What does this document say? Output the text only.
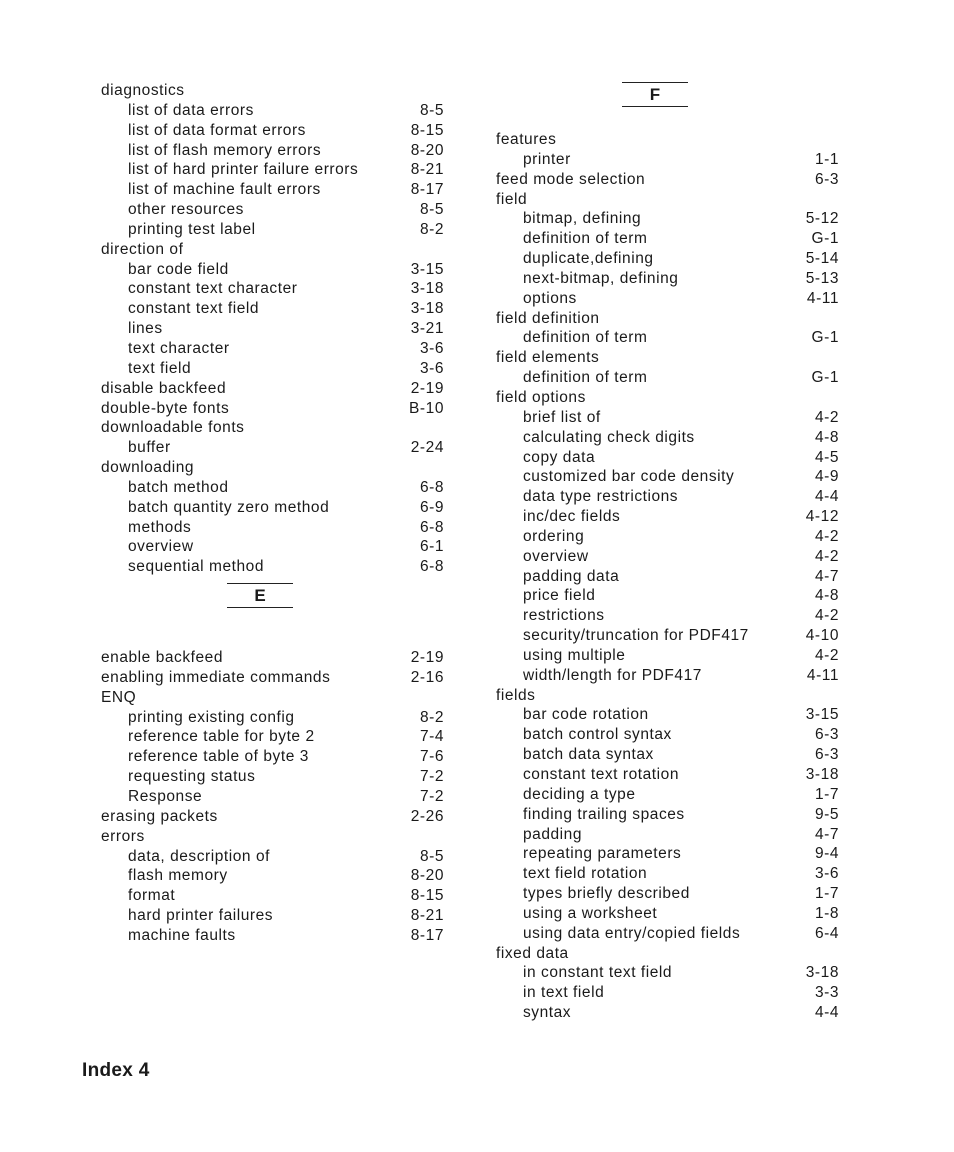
diagnostics
list of data errors	8-5
list of data format errors	8-15
list of flash memory errors	8-20
list of hard printer failure errors	8-21
list of machine fault errors	8-17
other resources	8-5
printing test label	8-2
direction of
bar code field	3-15
constant text character	3-18
constant text field	3-18
lines	3-21
text character	3-6
text field	3-6
disable backfeed	2-19
double-byte fonts	B-10
downloadable fonts
buffer	2-24
downloading
batch method	6-8
batch quantity zero method	6-9
methods	6-8
overview	6-1
sequential method	6-8
E
enable backfeed	2-19
enabling immediate commands	2-16
ENQ
printing existing config	8-2
reference table for byte 2	7-4
reference table of byte 3	7-6
requesting status	7-2
Response	7-2
erasing packets	2-26
errors
data, description of	8-5
flash memory	8-20
format	8-15
hard printer failures	8-21
machine faults	8-17
F
features
printer	1-1
feed mode selection	6-3
field
bitmap, defining	5-12
definition of term	G-1
duplicate,defining	5-14
next-bitmap, defining	5-13
options	4-11
field definition
definition of term	G-1
field elements
definition of term	G-1
field options
brief list of	4-2
calculating check digits	4-8
copy data	4-5
customized bar code density	4-9
data type restrictions	4-4
inc/dec fields	4-12
ordering	4-2
overview	4-2
padding data	4-7
price field	4-8
restrictions	4-2
security/truncation for PDF417	4-10
using multiple	4-2
width/length for PDF417	4-11
fields
bar code rotation	3-15
batch control syntax	6-3
batch data syntax	6-3
constant text rotation	3-18
deciding a type	1-7
finding trailing spaces	9-5
padding	4-7
repeating parameters	9-4
text field rotation	3-6
types briefly described	1-7
using a worksheet	1-8
using data entry/copied fields	6-4
fixed data
in constant text field	3-18
in text field	3-3
syntax	4-4
Index 4
